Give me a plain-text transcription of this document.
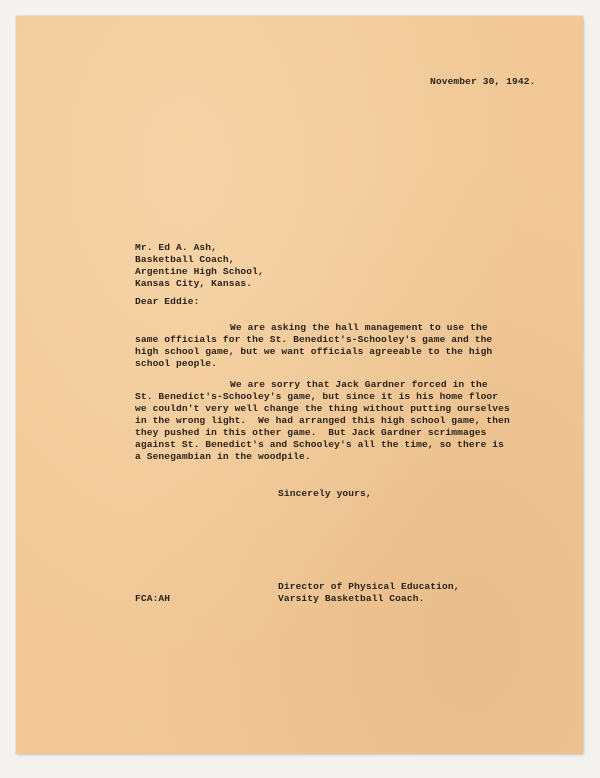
November 30, 1942.

Mr. Ed A. Ash,

Basketball Coach,

Argentine High School,

Kansas City, Kansas.

Dear Eddie:

We are asking the hall management to use the

same officials for the St. Benedict's-Schooley's game and the

high school game, but we want officials agreeable to the high

school people.

We are sorry that Jack Gardner forced in the

St. Benedict's-Schooley's game, but since it is his home floor

we couldn't very well change the thing without putting ourselves

in the wrong light.  We had arranged this high school game, then

they pushed in this other game.  But Jack Gardner scrimmages

against St. Benedict's and Schooley's all the time, so there is

a Senegambian in the woodpile.

Sincerely yours,

Director of Physical Education,

Varsity Basketball Coach.

FCA:AH
